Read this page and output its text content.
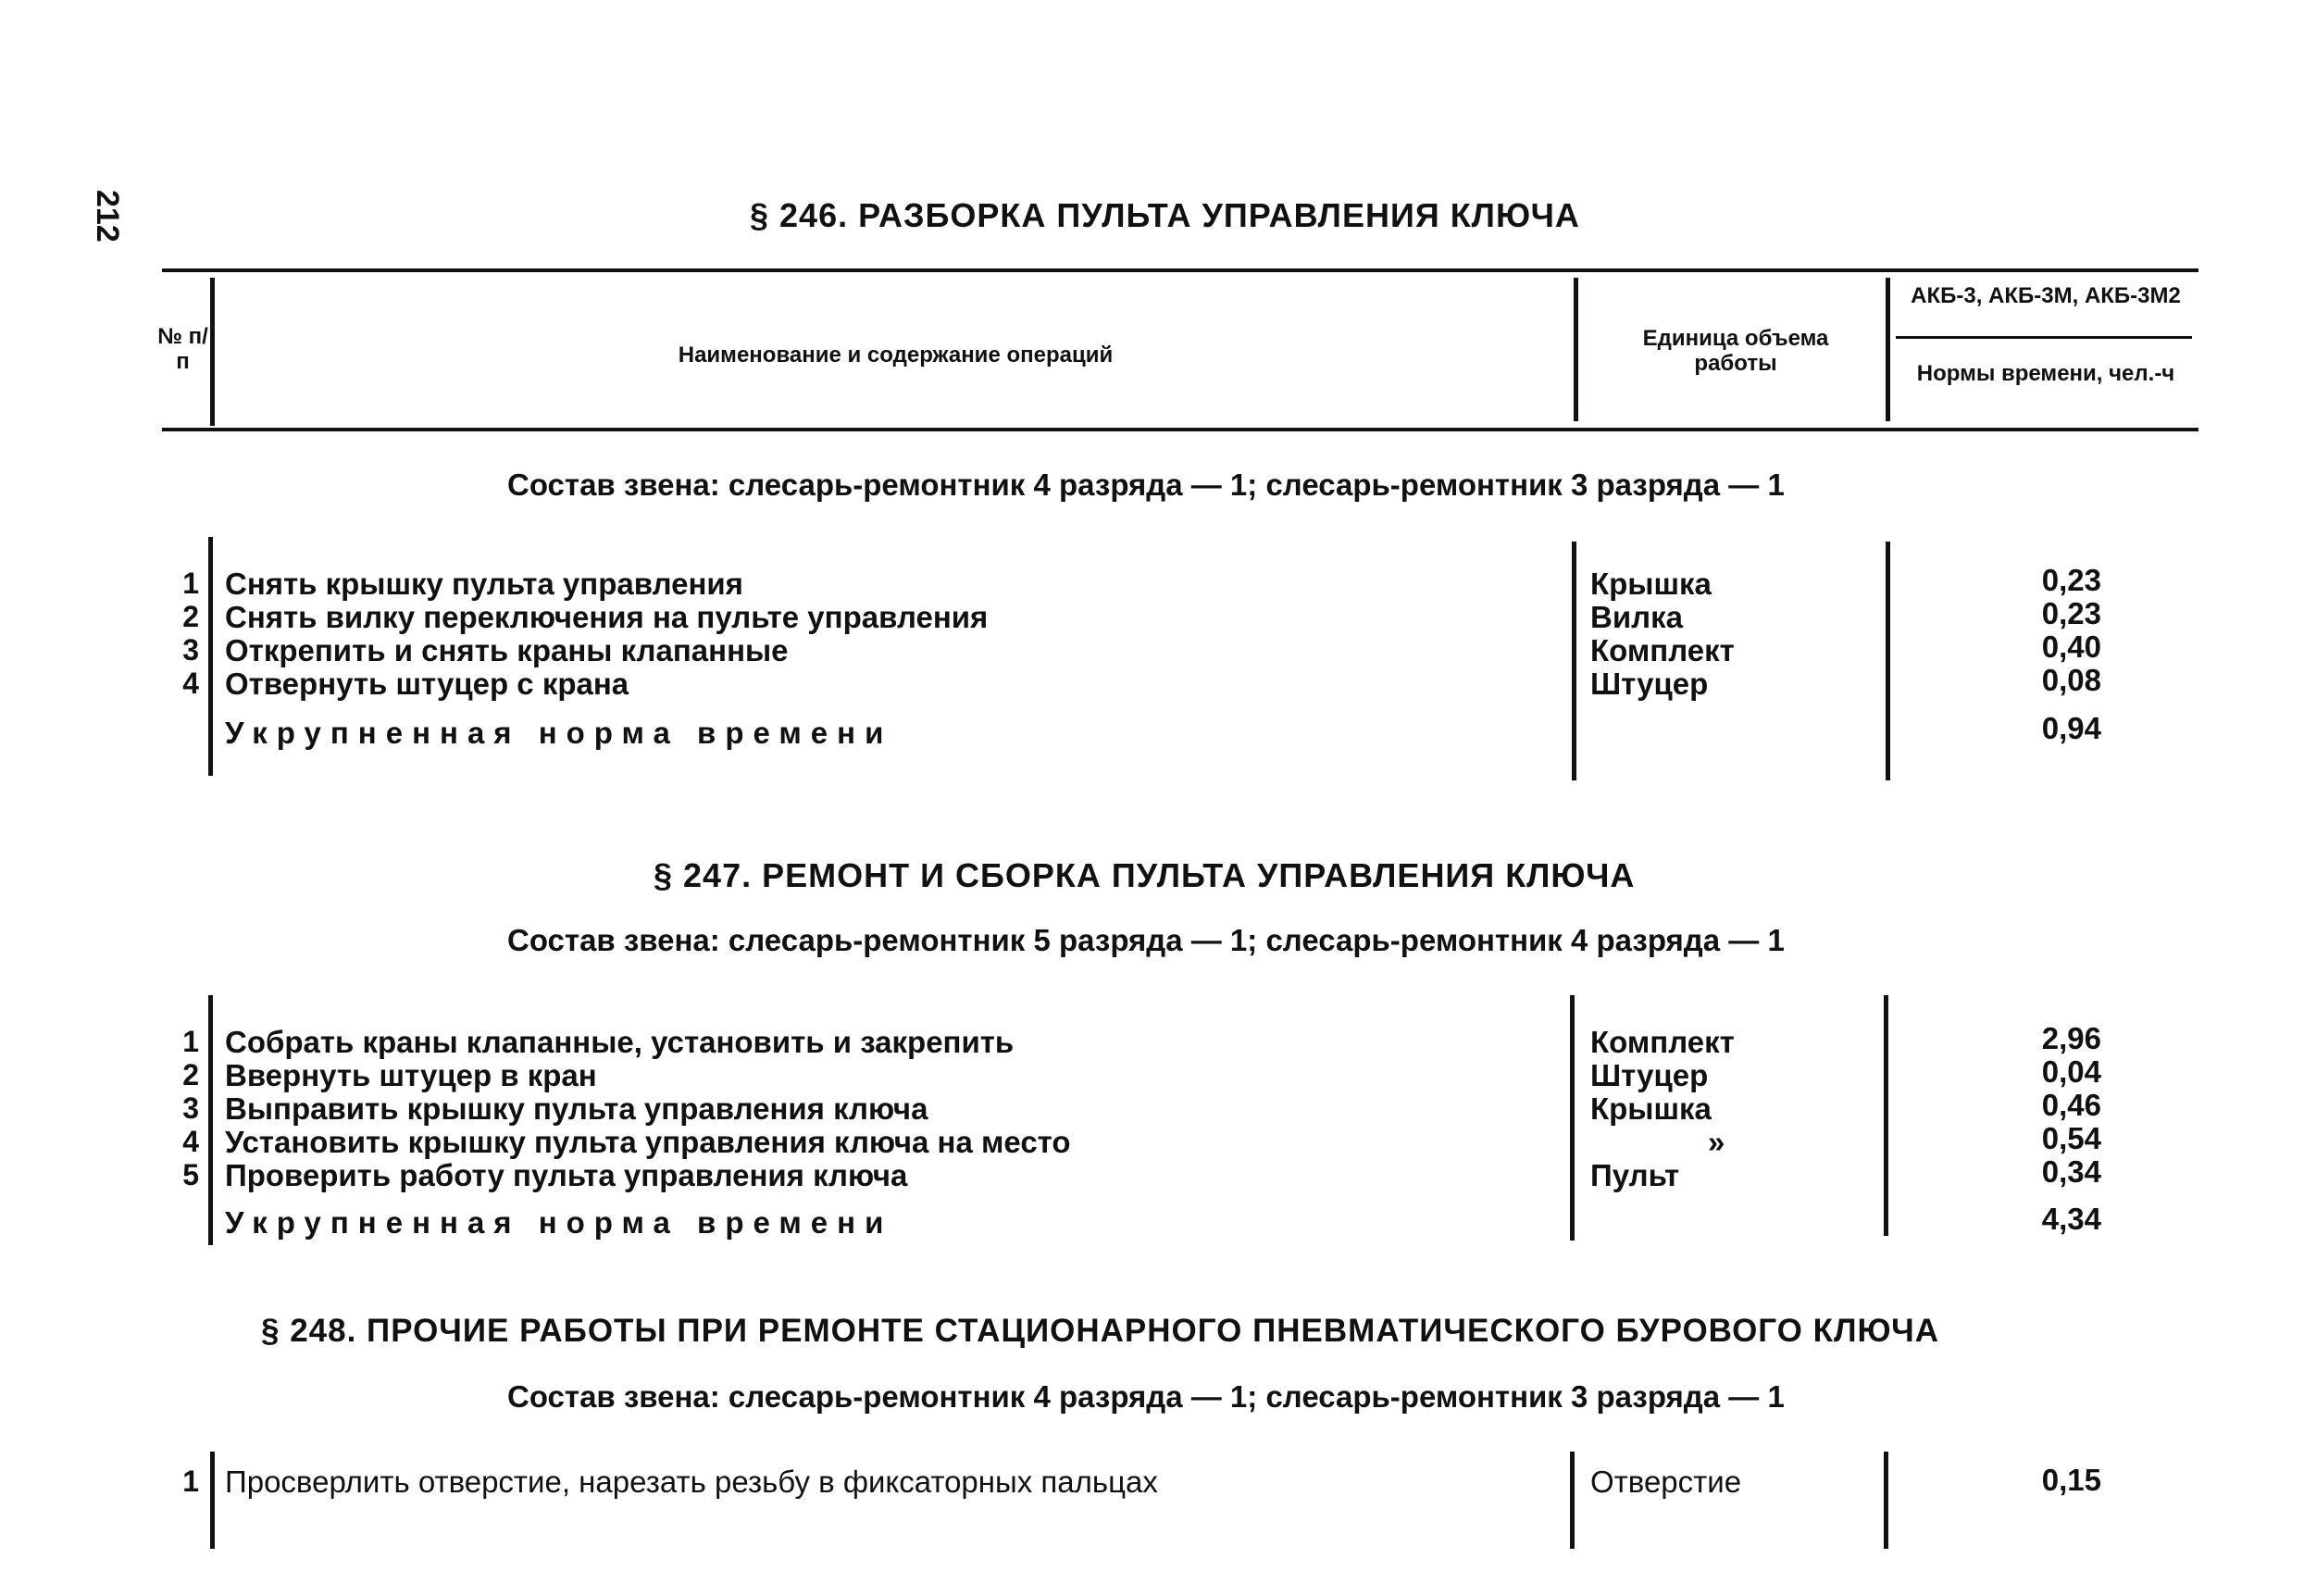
212	§ 246. РАЗБОРКА ПУЛЬТА УПРАВЛЕНИЯ КЛЮЧА
№ п/п	Наименование и содержание операций
Единица объема работы
АКБ-3, АКБ-3М, АКБ-3М2
Нормы времени, чел.-ч
Состав звена: слесарь-ремонтник 4 разряда — 1; слесарь-ремонтник 3 разряда — 1
1 Снять крышку пульта управления	Крышка	0,23
2 Снять вилку переключения на пульте управления	Вилка	0,23
3 Открепить и снять краны клапанные	Комплект	0,40
4 Отвернуть штуцер с крана	Штуцер	0,08
Укрупненная норма времени	0,94
§ 247. РЕМОНТ И СБОРКА ПУЛЬТА УПРАВЛЕНИЯ КЛЮЧА
Состав звена: слесарь-ремонтник 5 разряда — 1; слесарь-ремонтник 4 разряда — 1
1 Собрать краны клапанные, установить и закрепить	Комплект	2,96
2 Ввернуть штуцер в кран	Штуцер	0,04
3 Выправить крышку пульта управления ключа	Крышка	0,46
4 Установить крышку пульта управления ключа на место	»	0,54
5 Проверить работу пульта управления ключа	Пульт	0,34
Укрупненная норма времени	4,34
§ 248. ПРОЧИЕ РАБОТЫ ПРИ РЕМОНТЕ СТАЦИОНАРНОГО ПНЕВМАТИЧЕСКОГО БУРОВОГО КЛЮЧА
Состав звена: слесарь-ремонтник 4 разряда — 1; слесарь-ремонтник 3 разряда — 1
1 Просверлить отверстие, нарезать резьбу в фиксаторных пальцах	Отверстие	0,15
